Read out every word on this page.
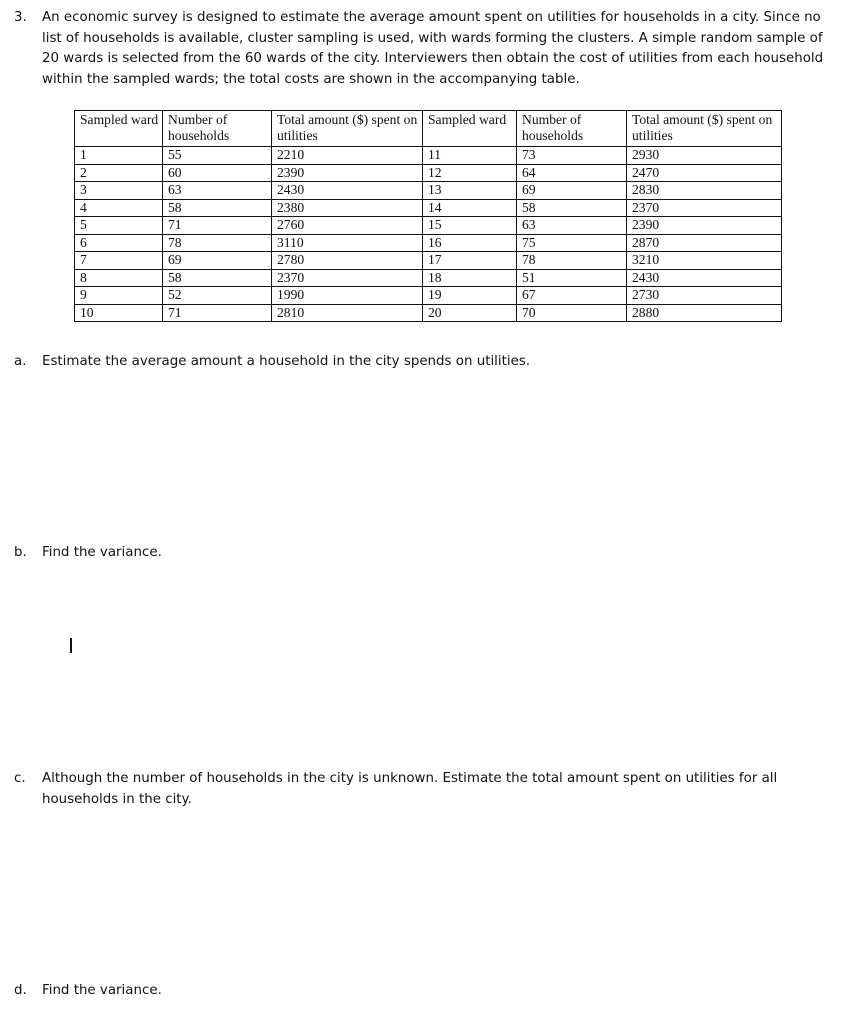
3. An economic survey is designed to estimate the average amount spent on utilities for households in a city. Since no list of households is available, cluster sampling is used, with wards forming the clusters. A simple random sample of 20 wards is selected from the 60 wards of the city. Interviewers then obtain the cost of utilities from each household within the sampled wards; the total costs are shown in the accompanying table.
Sampled ward	Number of households	Total amount ($) spent on utilities	Sampled ward	Number of households	Total amount ($) spent on utilities
1	55	2210	11	73	2930
2	60	2390	12	64	2470
3	63	2430	13	69	2830
4	58	2380	14	58	2370
5	71	2760	15	63	2390
6	78	3110	16	75	2870
7	69	2780	17	78	3210
8	58	2370	18	51	2430
9	52	1990	19	67	2730
10	71	2810	20	70	2880
a. Estimate the average amount a household in the city spends on utilities.
b. Find the variance.
c. Although the number of households in the city is unknown. Estimate the total amount spent on utilities for all households in the city.
d. Find the variance.
